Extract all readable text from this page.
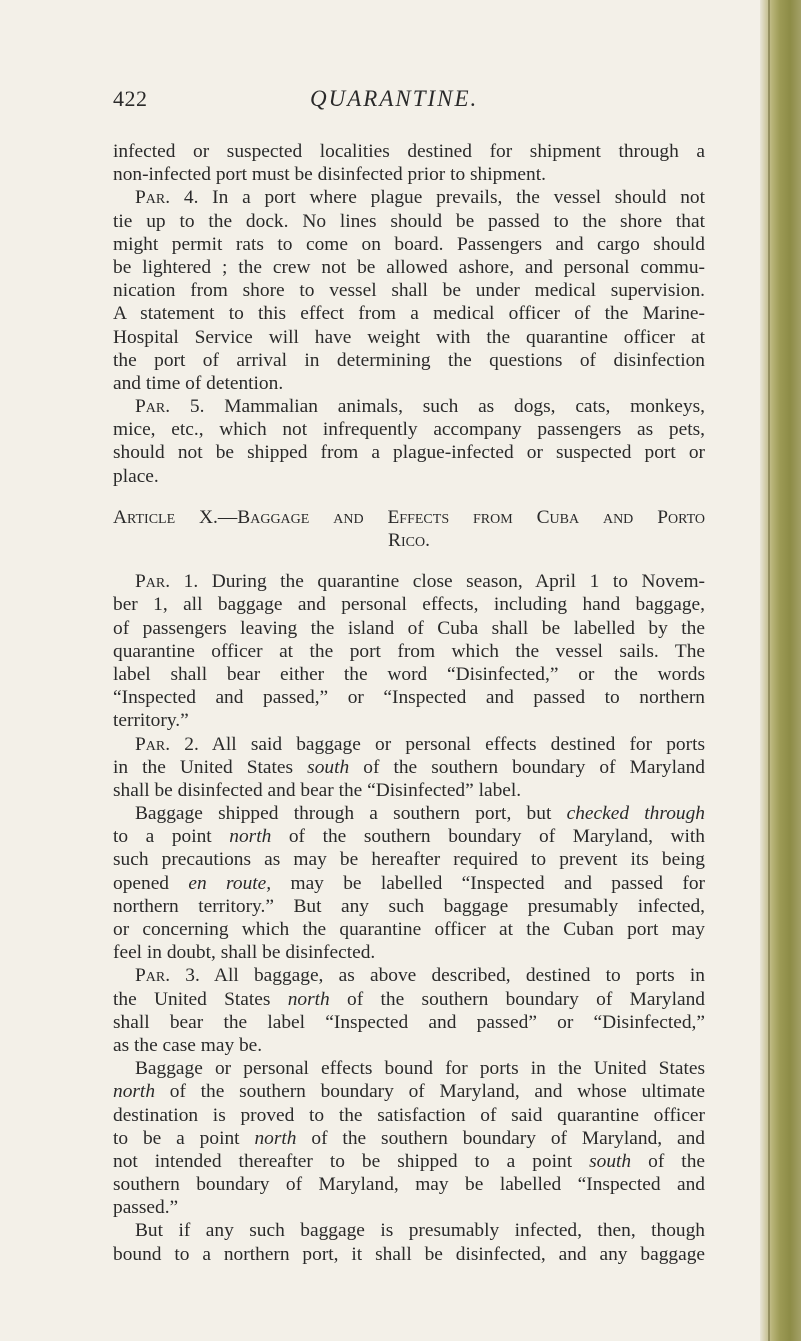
422	QUARANTINE.
infected or suspected localities destined for shipment through a
non-infected port must be disinfected prior to shipment.
Par. 4. In a port where plague prevails, the vessel should not
tie up to the dock. No lines should be passed to the shore that
might permit rats to come on board. Passengers and cargo should
be lightered ; the crew not be allowed ashore, and personal commu-
nication from shore to vessel shall be under medical supervision.
A statement to this effect from a medical officer of the Marine-
Hospital Service will have weight with the quarantine officer at
the port of arrival in determining the questions of disinfection
and time of detention.
Par. 5. Mammalian animals, such as dogs, cats, monkeys,
mice, etc., which not infrequently accompany passengers as pets,
should not be shipped from a plague-infected or suspected port or
place.
Article X.—Baggage and Effects from Cuba and Porto
Rico.
Par. 1. During the quarantine close season, April 1 to Novem-
ber 1, all baggage and personal effects, including hand baggage,
of passengers leaving the island of Cuba shall be labelled by the
quarantine officer at the port from which the vessel sails. The
label shall bear either the word “Disinfected,” or the words
“Inspected and passed,” or “Inspected and passed to northern
territory.”
Par. 2. All said baggage or personal effects destined for ports
in the United States south of the southern boundary of Maryland
shall be disinfected and bear the “Disinfected” label.
Baggage shipped through a southern port, but checked through
to a point north of the southern boundary of Maryland, with
such precautions as may be hereafter required to prevent its being
opened en route, may be labelled “Inspected and passed for
northern territory.” But any such baggage presumably infected,
or concerning which the quarantine officer at the Cuban port may
feel in doubt, shall be disinfected.
Par. 3. All baggage, as above described, destined to ports in
the United States north of the southern boundary of Maryland
shall bear the label “Inspected and passed” or “Disinfected,”
as the case may be.
Baggage or personal effects bound for ports in the United States
north of the southern boundary of Maryland, and whose ultimate
destination is proved to the satisfaction of said quarantine officer
to be a point north of the southern boundary of Maryland, and
not intended thereafter to be shipped to a point south of the
southern boundary of Maryland, may be labelled “Inspected and
passed.”
But if any such baggage is presumably infected, then, though
bound to a northern port, it shall be disinfected, and any baggage
